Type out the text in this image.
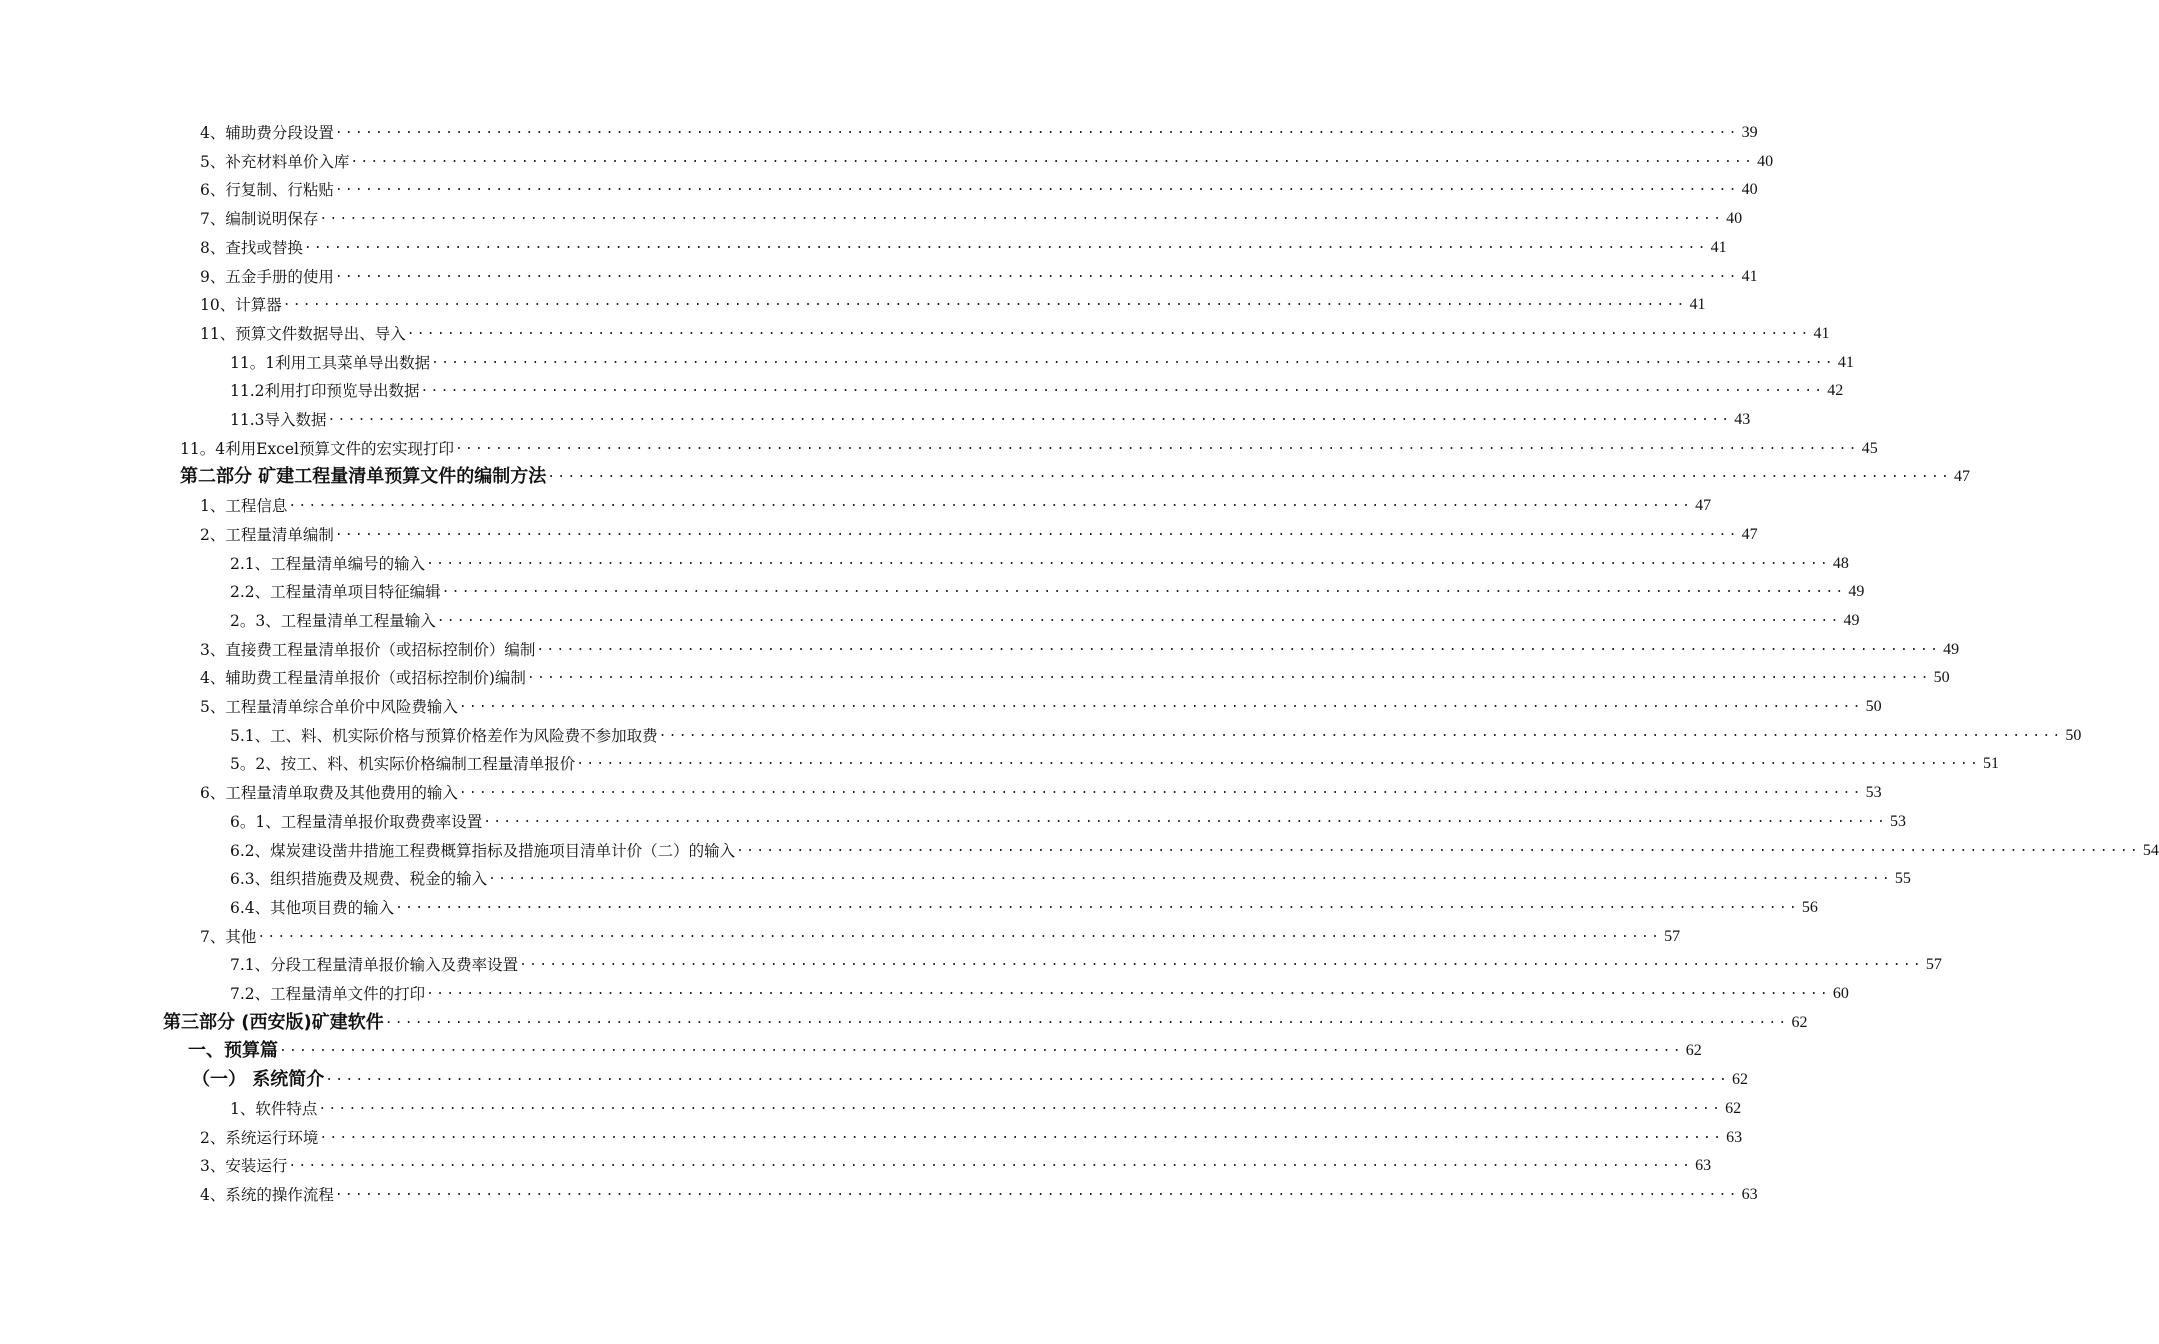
4、辅助费分段设置 ............................................................................................................................................ 39
5、补充材料单价入库 ............................................................................................................................................ 40
6、行复制、行粘贴 ............................................................................................................................................ 40
7、编制说明保存 ............................................................................................................................................ 40
8、查找或替换 ............................................................................................................................................ 41
9、五金手册的使用 ............................................................................................................................................ 41
10、计算器 ............................................................................................................................................ 41
11、预算文件数据导出、导入 ............................................................................................................................................ 41
11。1利用工具菜单导出数据 ............................................................................................................................................ 41
11.2利用打印预览导出数据 ............................................................................................................................................ 42
11.3导入数据 ............................................................................................................................................ 43
11。4利用Excel预算文件的宏实现打印 ............................................................................................................................................ 45
第二部分 矿建工程量清单预算文件的编制方法 ............................................................................................................................................ 47
1、工程信息 ............................................................................................................................................ 47
2、工程量清单编制 ............................................................................................................................................ 47
2.1、工程量清单编号的输入 ............................................................................................................................................ 48
2.2、工程量清单项目特征编辑 ............................................................................................................................................ 49
2。3、工程量清单工程量输入 ............................................................................................................................................ 49
3、直接费工程量清单报价（或招标控制价）编制 ............................................................................................................................................ 49
4、辅助费工程量清单报价（或招标控制价)编制 ............................................................................................................................................ 50
5、工程量清单综合单价中风险费输入 ............................................................................................................................................ 50
5.1、工、料、机实际价格与预算价格差作为风险费不参加取费 ............................................................................................................................................ 50
5。2、按工、料、机实际价格编制工程量清单报价 ............................................................................................................................................ 51
6、工程量清单取费及其他费用的输入 ............................................................................................................................................ 53
6。1、工程量清单报价取费费率设置 ............................................................................................................................................ 53
6.2、煤炭建设凿井措施工程费概算指标及措施项目清单计价（二）的输入 ............................................................................................................................................ 54
6.3、组织措施费及规费、税金的输入 ............................................................................................................................................ 55
6.4、其他项目费的输入 ............................................................................................................................................ 56
7、其他 ............................................................................................................................................ 57
7.1、分段工程量清单报价输入及费率设置 ............................................................................................................................................ 57
7.2、工程量清单文件的打印 ............................................................................................................................................ 60
第三部分 (西安版)矿建软件 ............................................................................................................................................ 62
一、预算篇 ............................................................................................................................................ 62
（一） 系统简介 ............................................................................................................................................ 62
1、软件特点 ............................................................................................................................................ 62
2、系统运行环境 ............................................................................................................................................ 63
3、安装运行 ............................................................................................................................................ 63
4、系统的操作流程 ............................................................................................................................................ 63
